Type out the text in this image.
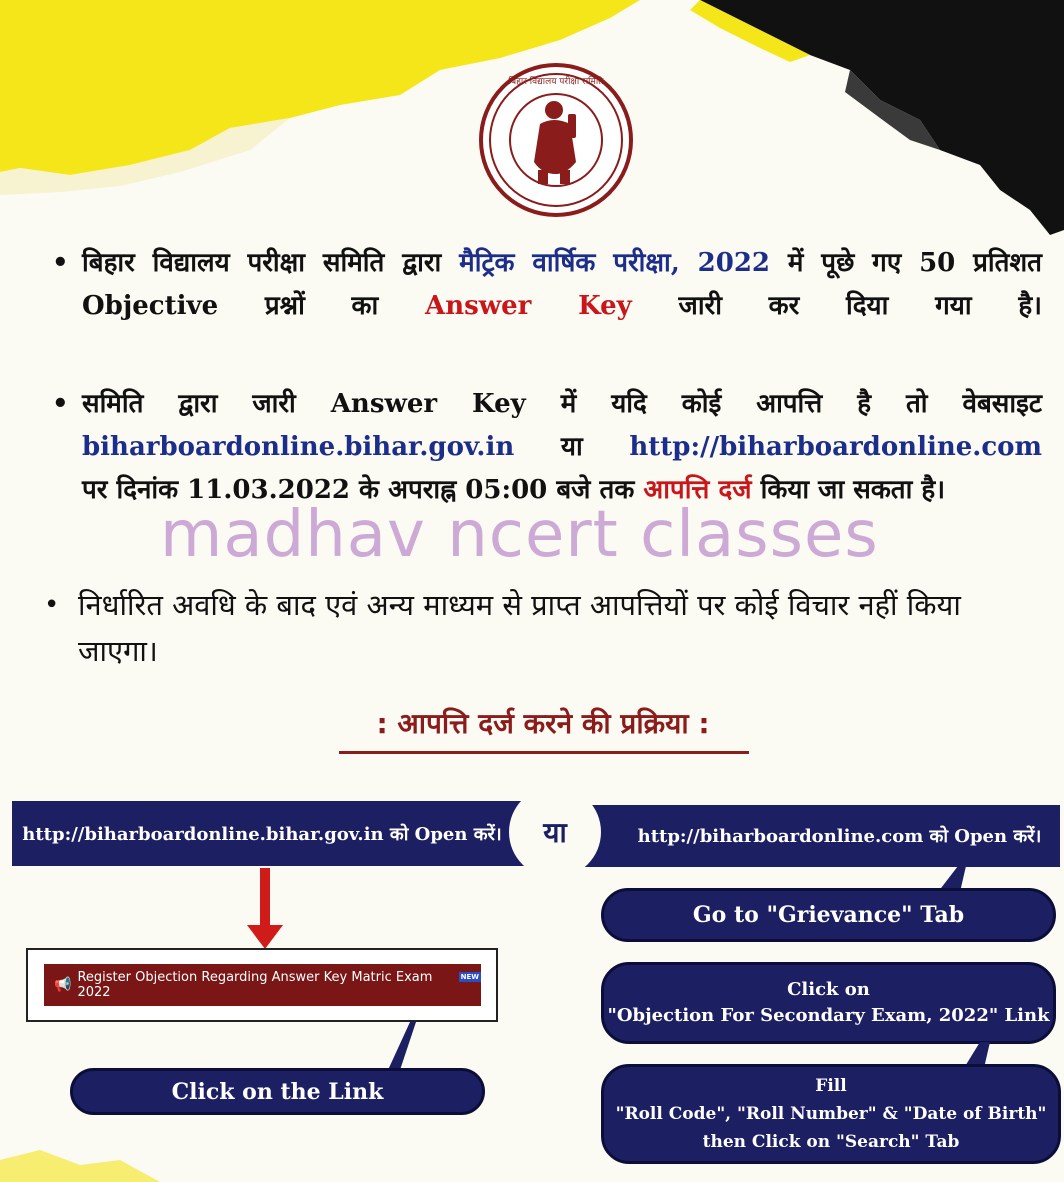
बिहार विद्यालय परीक्षा समिति
• बिहार विद्यालय परीक्षा समिति द्वारा मैट्रिक वार्षिक परीक्षा, 2022 में पूछे गए 50 प्रतिशत Objective प्रश्नों का Answer Key जारी कर दिया गया है।
• समिति द्वारा जारी Answer Key में यदि कोई आपत्ति है तो वेबसाइट
biharboardonline.bihar.gov.in या http://biharboardonline.com
पर दिनांक 11.03.2022 के अपराह्न 05:00 बजे तक आपत्ति दर्ज किया जा सकता है।
• निर्धारित अवधि के बाद एवं अन्य माध्यम से प्राप्त आपत्तियों पर कोई विचार नहीं किया जाएगा।
madhav ncert classes
: आपत्ति दर्ज करने की प्रक्रिया :
http://biharboardonline.bihar.gov.in को Open करें।	http://biharboardonline.com को Open करें।
या
📢 Register Objection Regarding Answer Key Matric Exam 2022
NEW
Click on the Link
Go to "Grievance" Tab
Click on
"Objection For Secondary Exam, 2022" Link
Fill
"Roll Code", "Roll Number" & "Date of Birth"
then Click on "Search" Tab
